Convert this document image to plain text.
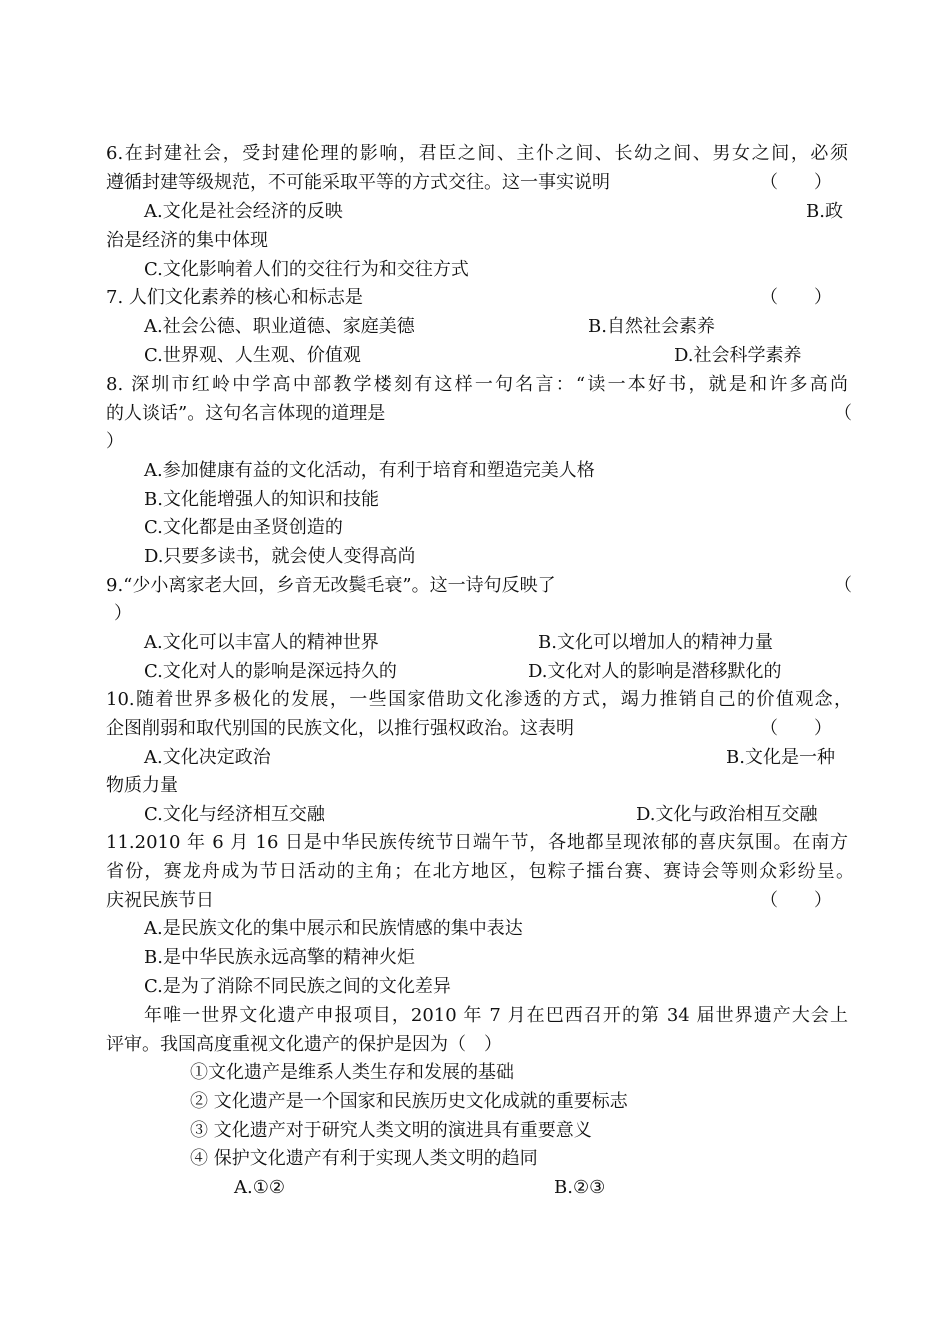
6.在封建社会，受封建伦理的影响，君臣之间、主仆之间、长幼之间、男女之间，必须
遵循封建等级规范，不可能采取平等的方式交往。这一事实说明	（　　）
A.文化是社会经济的反映	B.政
治是经济的集中体现
C.文化影响着人们的交往行为和交往方式
7. 人们文化素养的核心和标志是	（　　）
A.社会公德、职业道德、家庭美德	B.自然社会素养
C.世界观、人生观、价值观	D.社会科学素养
8. 深圳市红岭中学高中部教学楼刻有这样一句名言：“读一本好书，就是和许多高尚
的人谈话”。这句名言体现的道理是	（
）
A.参加健康有益的文化活动，有利于培育和塑造完美人格
B.文化能增强人的知识和技能
C.文化都是由圣贤创造的
D.只要多读书，就会使人变得高尚
9.“少小离家老大回，乡音无改鬓毛衰”。这一诗句反映了	（
）
A.文化可以丰富人的精神世界	B.文化可以增加人的精神力量
C.文化对人的影响是深远持久的	D.文化对人的影响是潜移默化的
10.随着世界多极化的发展，一些国家借助文化渗透的方式，竭力推销自己的价值观念，
企图削弱和取代别国的民族文化，以推行强权政治。这表明	（　　）
A.文化决定政治	B.文化是一种
物质力量
C.文化与经济相互交融	D.文化与政治相互交融
11.2010 年 6 月 16 日是中华民族传统节日端午节，各地都呈现浓郁的喜庆氛围。在南方
省份，赛龙舟成为节日活动的主角；在北方地区，包粽子擂台赛、赛诗会等则众彩纷呈。
庆祝民族节日	（　　）
A.是民族文化的集中展示和民族情感的集中表达
B.是中华民族永远高擎的精神火炬
C.是为了消除不同民族之间的文化差异
年唯一世界文化遗产申报项目，2010 年 7 月在巴西召开的第 34 届世界遗产大会上
评审。我国高度重视文化遗产的保护是因为（　）
①文化遗产是维系人类生存和发展的基础
② 文化遗产是一个国家和民族历史文化成就的重要标志
③ 文化遗产对于研究人类文明的演进具有重要意义
④ 保护文化遗产有利于实现人类文明的趋同
A.①②	B.②③
